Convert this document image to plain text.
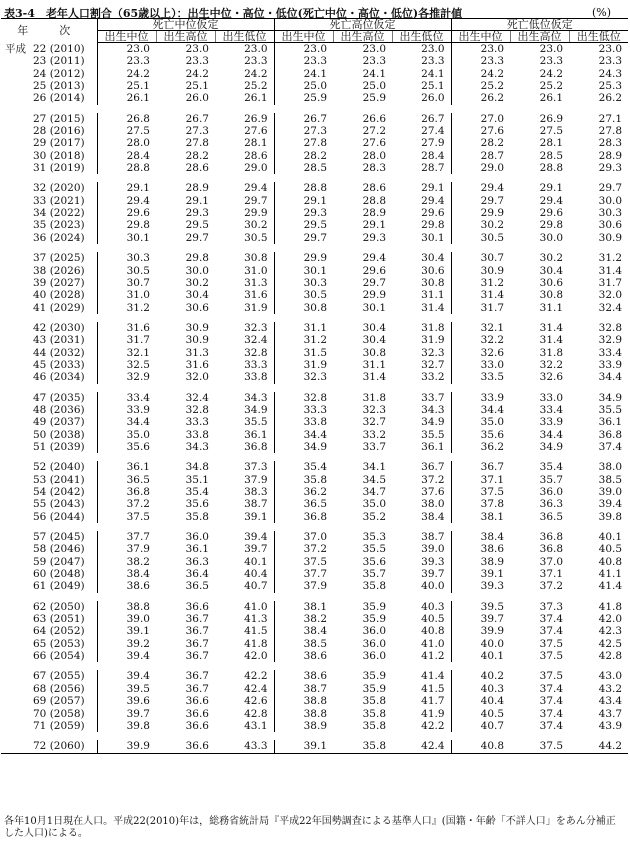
表3-4　老年人口割合（65歳以上）：出生中位・高位・低位(死亡中位・高位・低位)各推計値	(%)
年　次	死亡中位仮定			死亡高位仮定			死亡低位仮定		
	出生中位	出生高位	出生低位	出生中位	出生高位	出生低位	出生中位	出生高位	出生低位
平成 22 (2010)	23.0	23.0	23.0	23.0	23.0	23.0	23.0	23.0	23.0
23 (2011)	23.3	23.3	23.3	23.3	23.3	23.3	23.3	23.3	23.3
24 (2012)	24.2	24.2	24.2	24.1	24.1	24.1	24.2	24.2	24.3
25 (2013)	25.1	25.1	25.2	25.0	25.0	25.1	25.2	25.2	25.3
26 (2014)	26.1	26.0	26.1	25.9	25.9	26.0	26.2	26.1	26.2

27 (2015)	26.8	26.7	26.9	26.7	26.6	26.7	27.0	26.9	27.1
28 (2016)	27.5	27.3	27.6	27.3	27.2	27.4	27.6	27.5	27.8
29 (2017)	28.0	27.8	28.1	27.8	27.6	27.9	28.2	28.1	28.3
30 (2018)	28.4	28.2	28.6	28.2	28.0	28.4	28.7	28.5	28.9
31 (2019)	28.8	28.6	29.0	28.5	28.3	28.7	29.0	28.8	29.3

32 (2020)	29.1	28.9	29.4	28.8	28.6	29.1	29.4	29.1	29.7
33 (2021)	29.4	29.1	29.7	29.1	28.8	29.4	29.7	29.4	30.0
34 (2022)	29.6	29.3	29.9	29.3	28.9	29.6	29.9	29.6	30.3
35 (2023)	29.8	29.5	30.2	29.5	29.1	29.8	30.2	29.8	30.6
36 (2024)	30.1	29.7	30.5	29.7	29.3	30.1	30.5	30.0	30.9

37 (2025)	30.3	29.8	30.8	29.9	29.4	30.4	30.7	30.2	31.2
38 (2026)	30.5	30.0	31.0	30.1	29.6	30.6	30.9	30.4	31.4
39 (2027)	30.7	30.2	31.3	30.3	29.7	30.8	31.2	30.6	31.7
40 (2028)	31.0	30.4	31.6	30.5	29.9	31.1	31.4	30.8	32.0
41 (2029)	31.2	30.6	31.9	30.8	30.1	31.4	31.7	31.1	32.4

42 (2030)	31.6	30.9	32.3	31.1	30.4	31.8	32.1	31.4	32.8
43 (2031)	31.7	30.9	32.4	31.2	30.4	31.9	32.2	31.4	32.9
44 (2032)	32.1	31.3	32.8	31.5	30.8	32.3	32.6	31.8	33.4
45 (2033)	32.5	31.6	33.3	31.9	31.1	32.7	33.0	32.2	33.9
46 (2034)	32.9	32.0	33.8	32.3	31.4	33.2	33.5	32.6	34.4

47 (2035)	33.4	32.4	34.3	32.8	31.8	33.7	33.9	33.0	34.9
48 (2036)	33.9	32.8	34.9	33.3	32.3	34.3	34.4	33.4	35.5
49 (2037)	34.4	33.3	35.5	33.8	32.7	34.9	35.0	33.9	36.1
50 (2038)	35.0	33.8	36.1	34.4	33.2	35.5	35.6	34.4	36.8
51 (2039)	35.6	34.3	36.8	34.9	33.7	36.1	36.2	34.9	37.4

52 (2040)	36.1	34.8	37.3	35.4	34.1	36.7	36.7	35.4	38.0
53 (2041)	36.5	35.1	37.9	35.8	34.5	37.2	37.1	35.7	38.5
54 (2042)	36.8	35.4	38.3	36.2	34.7	37.6	37.5	36.0	39.0
55 (2043)	37.2	35.6	38.7	36.5	35.0	38.0	37.8	36.3	39.4
56 (2044)	37.5	35.8	39.1	36.8	35.2	38.4	38.1	36.5	39.8

57 (2045)	37.7	36.0	39.4	37.0	35.3	38.7	38.4	36.8	40.1
58 (2046)	37.9	36.1	39.7	37.2	35.5	39.0	38.6	36.8	40.5
59 (2047)	38.2	36.3	40.1	37.5	35.6	39.3	38.9	37.0	40.8
60 (2048)	38.4	36.4	40.4	37.7	35.7	39.7	39.1	37.1	41.1
61 (2049)	38.6	36.5	40.7	37.9	35.8	40.0	39.3	37.2	41.4

62 (2050)	38.8	36.6	41.0	38.1	35.9	40.3	39.5	37.3	41.8
63 (2051)	39.0	36.7	41.3	38.2	35.9	40.5	39.7	37.4	42.0
64 (2052)	39.1	36.7	41.5	38.4	36.0	40.8	39.9	37.4	42.3
65 (2053)	39.2	36.7	41.8	38.5	36.0	41.0	40.0	37.5	42.5
66 (2054)	39.4	36.7	42.0	38.6	36.0	41.2	40.1	37.5	42.8

67 (2055)	39.4	36.7	42.2	38.6	35.9	41.4	40.2	37.5	43.0
68 (2056)	39.5	36.7	42.4	38.7	35.9	41.5	40.3	37.4	43.2
69 (2057)	39.6	36.6	42.6	38.8	35.8	41.7	40.4	37.4	43.4
70 (2058)	39.7	36.6	42.8	38.8	35.8	41.9	40.5	37.4	43.7
71 (2059)	39.8	36.6	43.1	38.9	35.8	42.2	40.7	37.4	43.9

72 (2060)	39.9	36.6	43.3	39.1	35.8	42.4	40.8	37.5	44.2
各年10月1日現在人口。平成22(2010)年は，総務省統計局『平成22年国勢調査による基準人口』(国籍・年齢「不詳人口」をあん分補正した人口)による。
